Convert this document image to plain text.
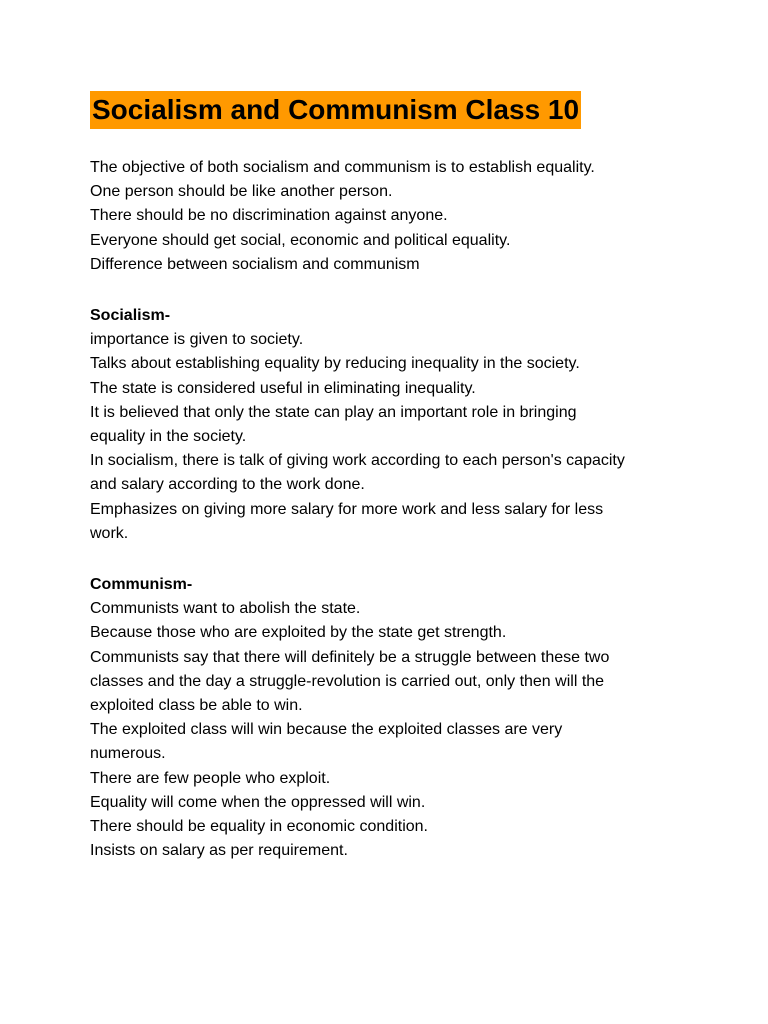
Socialism and Communism Class 10
The objective of both socialism and communism is to establish equality.
One person should be like another person.
There should be no discrimination against anyone.
Everyone should get social, economic and political equality.
Difference between socialism and communism
Socialism-
importance is given to society.
Talks about establishing equality by reducing inequality in the society.
The state is considered useful in eliminating inequality.
It is believed that only the state can play an important role in bringing
equality in the society.
In socialism, there is talk of giving work according to each person's capacity
and salary according to the work done.
Emphasizes on giving more salary for more work and less salary for less
work.
Communism-
Communists want to abolish the state.
Because those who are exploited by the state get strength.
Communists say that there will definitely be a struggle between these two
classes and the day a struggle-revolution is carried out, only then will the
exploited class be able to win.
The exploited class will win because the exploited classes are very
numerous.
There are few people who exploit.
Equality will come when the oppressed will win.
There should be equality in economic condition.
Insists on salary as per requirement.
